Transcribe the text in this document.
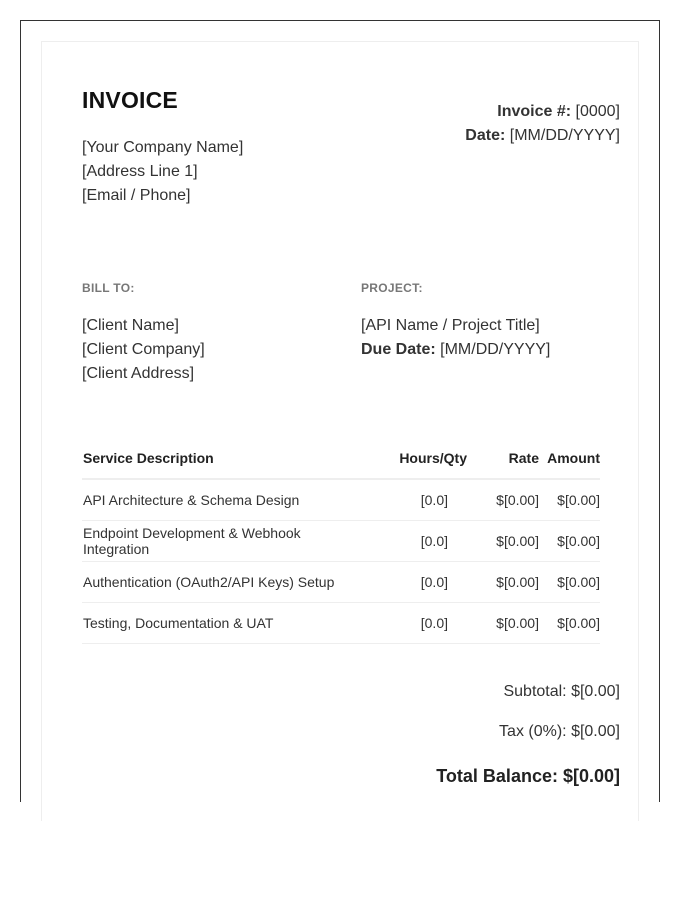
INVOICE
[Your Company Name]
[Address Line 1]
[Email / Phone]
Invoice #: [0000]
Date: [MM/DD/YYYY]
BILL TO:
[Client Name]
[Client Company]
[Client Address]
PROJECT:
[API Name / Project Title]
Due Date: [MM/DD/YYYY]
Service Description	Hours/Qty	Rate	Amount
API Architecture & Schema Design	[0.0]	$[0.00]	$[0.00]
Endpoint Development & Webhook Integration	[0.0]	$[0.00]	$[0.00]
Authentication (OAuth2/API Keys) Setup	[0.0]	$[0.00]	$[0.00]
Testing, Documentation & UAT	[0.0]	$[0.00]	$[0.00]
Subtotal: $[0.00]
Tax (0%): $[0.00]
Total Balance: $[0.00]
